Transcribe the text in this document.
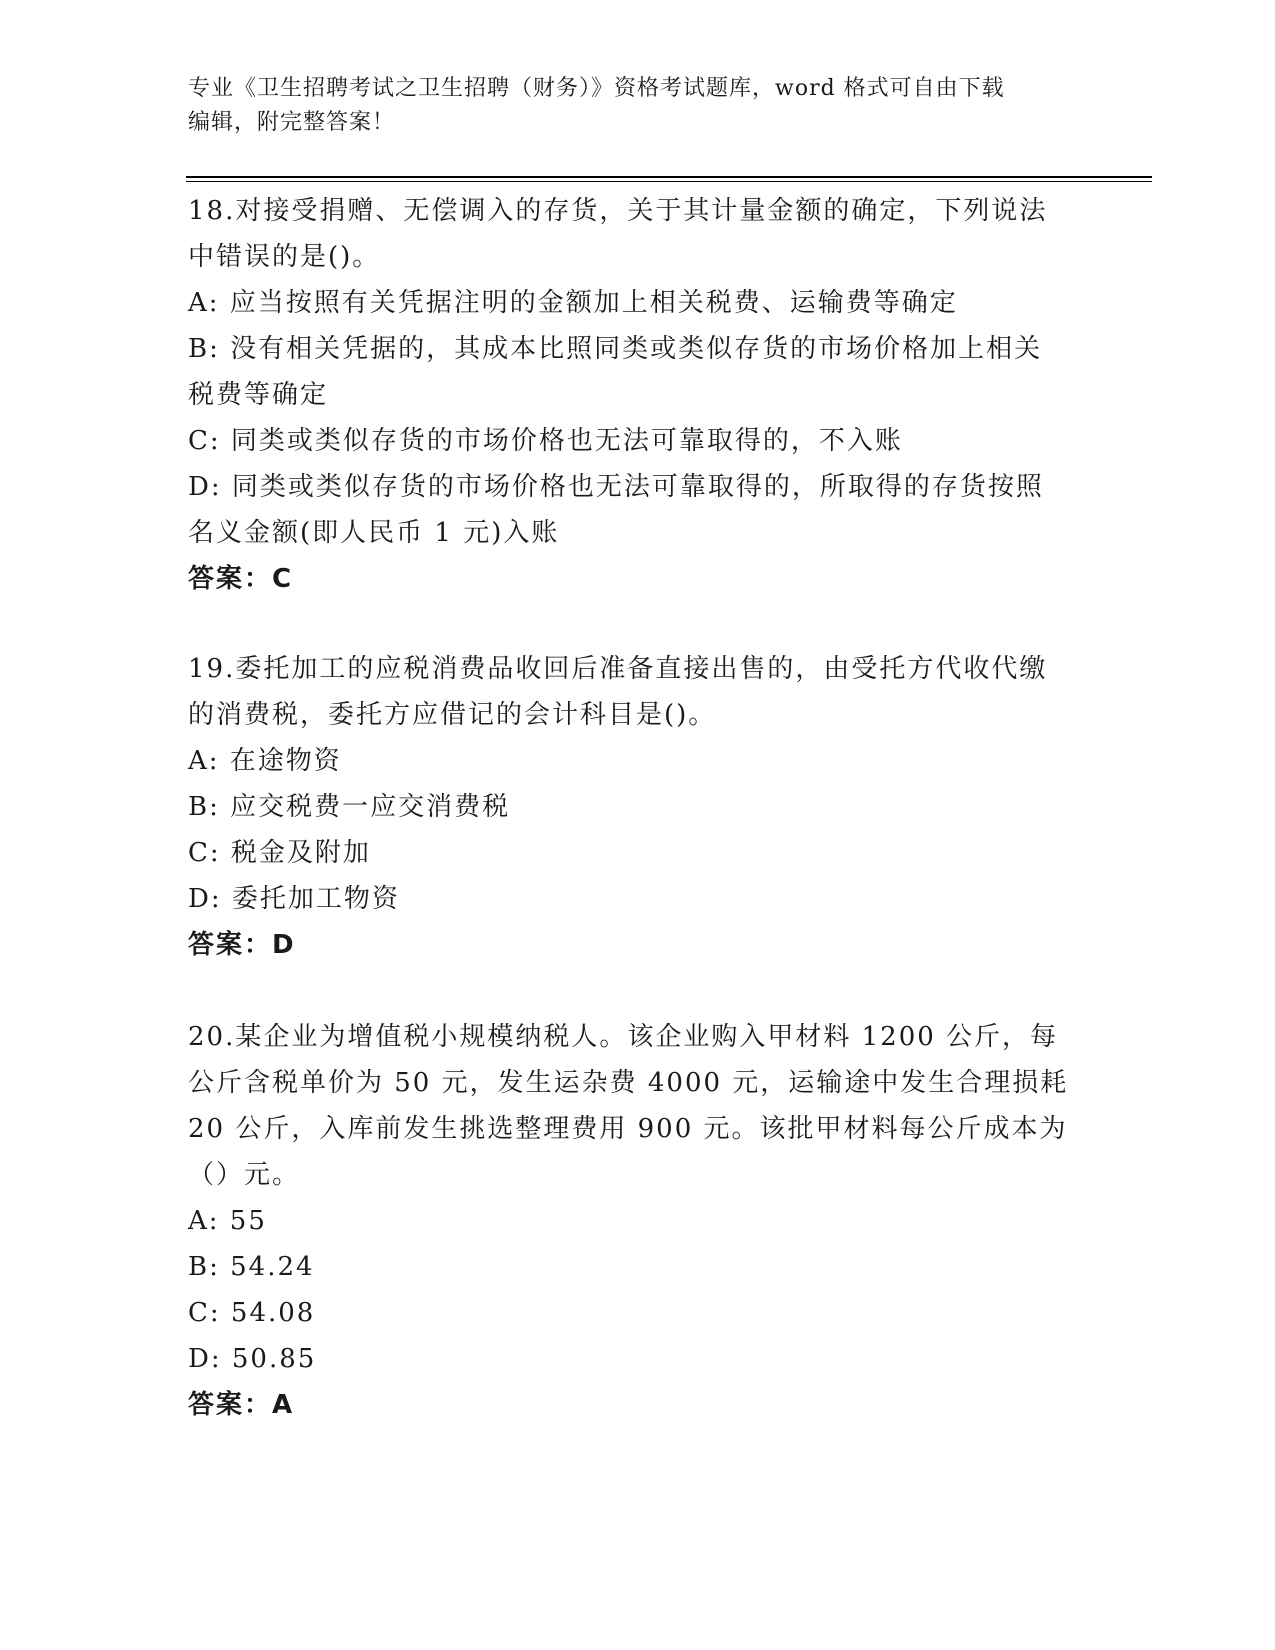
专业《卫生招聘考试之卫生招聘（财务）》资格考试题库，word 格式可自由下载
编辑，附完整答案！

18.对接受捐赠、无偿调入的存货，关于其计量金额的确定，下列说法

中错误的是()。

A: 应当按照有关凭据注明的金额加上相关税费、运输费等确定

B: 没有相关凭据的，其成本比照同类或类似存货的市场价格加上相关

税费等确定

C: 同类或类似存货的市场价格也无法可靠取得的，不入账

D: 同类或类似存货的市场价格也无法可靠取得的，所取得的存货按照

名义金额(即人民币 1 元)入账

答案：C

19.委托加工的应税消费品收回后准备直接出售的，由受托方代收代缴

的消费税，委托方应借记的会计科目是()。

A: 在途物资

B: 应交税费一应交消费税

C: 税金及附加

D: 委托加工物资

答案：D

20.某企业为增值税小规模纳税人。该企业购入甲材料 1200 公斤，每

公斤含税单价为 50 元，发生运杂费 4000 元，运输途中发生合理损耗

20 公斤，入库前发生挑选整理费用 900 元。该批甲材料每公斤成本为

（）元。

A: 55

B: 54.24

C: 54.08

D: 50.85

答案：A
